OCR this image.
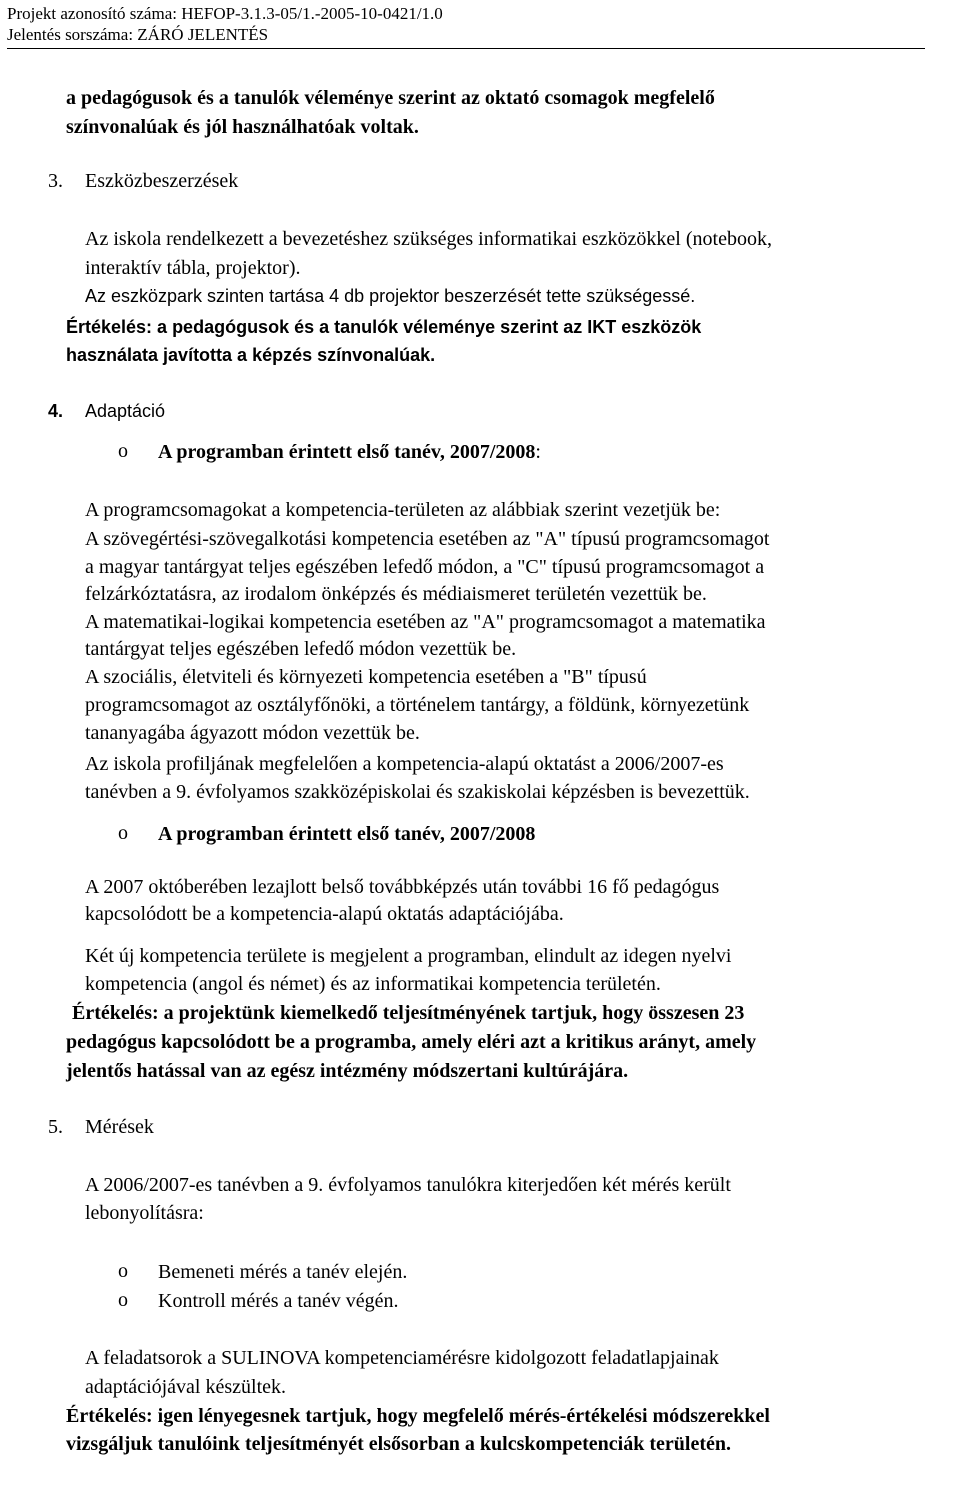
Projekt azonosító száma: HEFOP-3.1.3-05/1.-2005-10-0421/1.0
Jelentés sorszáma: ZÁRÓ JELENTÉS
a pedagógusok és a tanulók véleménye szerint az oktató csomagok megfelelő
színvonalúak és jól használhatóak voltak.
3. Eszközbeszerzések
Az iskola rendelkezett a bevezetéshez szükséges informatikai eszközökkel (notebook,
interaktív tábla, projektor).
Az eszközpark szinten tartása 4 db projektor beszerzését tette szükségessé.
Értékelés: a pedagógusok és a tanulók véleménye szerint az IKT eszközök
használata javította a képzés színvonalúak.
4. Adaptáció
o A programban érintett első tanév, 2007/2008:
A programcsomagokat a kompetencia-területen az alábbiak szerint vezetjük be:
A szövegértési-szövegalkotási kompetencia esetében az "A" típusú programcsomagot
a magyar tantárgyat teljes egészében lefedő módon, a "C" típusú programcsomagot a
felzárkóztatásra, az irodalom önképzés és médiaismeret területén vezettük be.
A matematikai-logikai kompetencia esetében az "A" programcsomagot a matematika
tantárgyat teljes egészében lefedő módon vezettük be.
A szociális, életviteli és környezeti kompetencia esetében a "B" típusú
programcsomagot az osztályfőnöki, a történelem tantárgy, a földünk, környezetünk
tananyagába ágyazott módon vezettük be.
Az iskola profiljának megfelelően a kompetencia-alapú oktatást a 2006/2007-es
tanévben a 9. évfolyamos szakközépiskolai és szakiskolai képzésben is bevezettük.
o A programban érintett első tanév, 2007/2008
A 2007 októberében lezajlott belső továbbképzés után további 16 fő pedagógus
kapcsolódott be a kompetencia-alapú oktatás adaptációjába.
Két új kompetencia területe is megjelent a programban, elindult az idegen nyelvi
kompetencia (angol és német) és az informatikai kompetencia területén.
Értékelés: a projektünk kiemelkedő teljesítményének tartjuk, hogy összesen 23
pedagógus kapcsolódott be a programba, amely eléri azt a kritikus arányt, amely
jelentős hatással van az egész intézmény módszertani kultúrájára.
5. Mérések
A 2006/2007-es tanévben a 9. évfolyamos tanulókra kiterjedően két mérés került
lebonyolításra:
o Bemeneti mérés a tanév elején.
o Kontroll mérés a tanév végén.
A feladatsorok a SULINOVA kompetenciamérésre kidolgozott feladatlapjainak
adaptációjával készültek.
Értékelés: igen lényegesnek tartjuk, hogy megfelelő mérés-értékelési módszerekkel
vizsgáljuk tanulóink teljesítményét elsősorban a kulcskompetenciák területén.
